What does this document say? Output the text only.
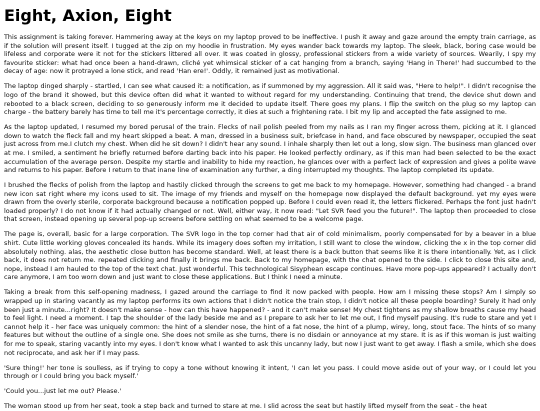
Eight, Axion, Eight

This assignment is taking forever. Hammering away at the keys on my laptop proved to be ineffective. I push it away and gaze around the empty train carriage, as if the solution will present itself. I tugged at the zip on my hoodie in frustration. My eyes wander back towards my laptop. The sleek, black, boring case would be lifeless and corporate were it not for the stickers littered all over. It was coated in glossy, professional stickers from a wide variety of sources. Wearily, I spy my favourite sticker: what had once been a hand-drawn, cliché yet whimsical sticker of a cat hanging from a branch, saying 'Hang in There!' had succumbed to the decay of age: now it protrayed a lone stick, and read 'Han ere!'. Oddly, it remained just as motivational.

The laptop dinged sharply - startled, I can see what caused it: a notification, as if summoned by my aggression. All it said was, "Here to help!". I didn't recognise the logo of the brand it showed, but this device often did what it wanted to without regard for my understanding. Continuing that trend, the device shut down and rebooted to a black screen, deciding to so generously inform me it decided to update itself. There goes my plans. I flip the switch on the plug so my laptop can charge - the battery barely has time to tell me it's percentage correctly, it dies at such a frightening rate. I bit my lip and accepted the fate assigned to me.

As the laptop updated, I resumed my bored perusal of the train. Flecks of nail polish peeled from my nails as I ran my finger across them, picking at it. I glanced down to watch the fleck fall and my heart skipped a beat. A man, dressed in a business suit, briefcase in hand, and face obscured by newspaper, occupied the seat just across from me.I clutch my chest. When did he sit down? I didn't hear any sound. I inhale sharply then let out a long, slow sign. The business man glanced over at me. I smiled, a sentiment he briefly returned before darting back into his paper. He looked perfectly ordinary, as if this man had been selected to be the exact accumulation of the average person. Despite my startle and inability to hide my reaction, he glances over with a perfect lack of expression and gives a polite wave and returns to his paper. Before I return to that inane line of examination any further, a ding interrupted my thoughts. The laptop completed its update.

I brushed the flecks of polish from the laptop and hastily clicked through the screens to get me back to my homepage. However, something had changed - a brand new icon sat right where my icons used to sit. The image of my friends and myself on the homepage now displayed the default background. yet my eyes were drawn from the overly sterile, corporate background because a notification popped up. Before I could even read it, the letters flickered. Perhaps the font just hadn't loaded properly? I do not know if it had actually changed or not. Well, either way, it now read: "Let SVR feed you the future!". The laptop then proceeded to close that screen, instead opening up several pop-up screens before settling on what seemed to be a welcome page.

The page is, overall, basic for a large corporation. The SVR logo in the top corner had that air of cold minimalism, poorly compensated for by a beaver in a blue shirt. Cute little working gloves concealed its hands. While its imagery does soften my irritation, I still want to close the window, clicking the x in the top corner did absolutely nothing. alas, the aesthetic close button has become standard. Well, at least there is a back button that seems like it is there intentionally. Yet, as I click back, it does not return me. repeated clicking and finally it brings me back. Back to my homepage, with the chat opened to the side. I click to close this site and, nope, instead I am hauled to the top of the text chat. Just wonderful. This technological Sisyphean escape continues. Have more pop-ups appeared? I actually don't care anymore, I am too worn down and just want to close these applications. But I think I need a minute.

Taking a break from this self-opening madness, I gazed around the carriage to find it now packed with people. How am I missing these stops? Am I simply so wrapped up in staring vacantly as my laptop performs its own actions that I didn't notice the train stop, I didn't notice all these people boarding? Surely it had only been just a minute...right? It doesn't make sense - how can this have happened? - and it can't make sense! My chest tightens as my shallow breaths cause my head to feel light. I need a moment. I tap the shoulder of the lady beside me and as I prepare to ask her to let me out, I find myself pausing. It's rude to stare and yet I cannot help it - her face was uniquely common: the hint of a slender nose, the hint of a fat nose, the hint of a plump, wirey, long, stout face. The hints of so many features but without the outline of a single one. She does not smile as she turns, there is no disdain or annoyance at my stare. It is as if this woman is just waiting for me to speak, staring vacantly into my eyes. I don't know what I wanted to ask this uncanny lady, but now I just want to get away. I flash a smile, which she does not reciprocate, and ask her if I may pass.

'Sure thing!' her tone is soulless, as if trying to copy a tone without knowing it intent, 'I can let you pass. I could move aside out of your way, or I could let you through or I could bring you back myself.'

'Could you...just let me out? Please.'

The woman stood up from her seat, took a step back and turned to stare at me. I slid across the seat but hastily lifted myself from the seat - the heat
